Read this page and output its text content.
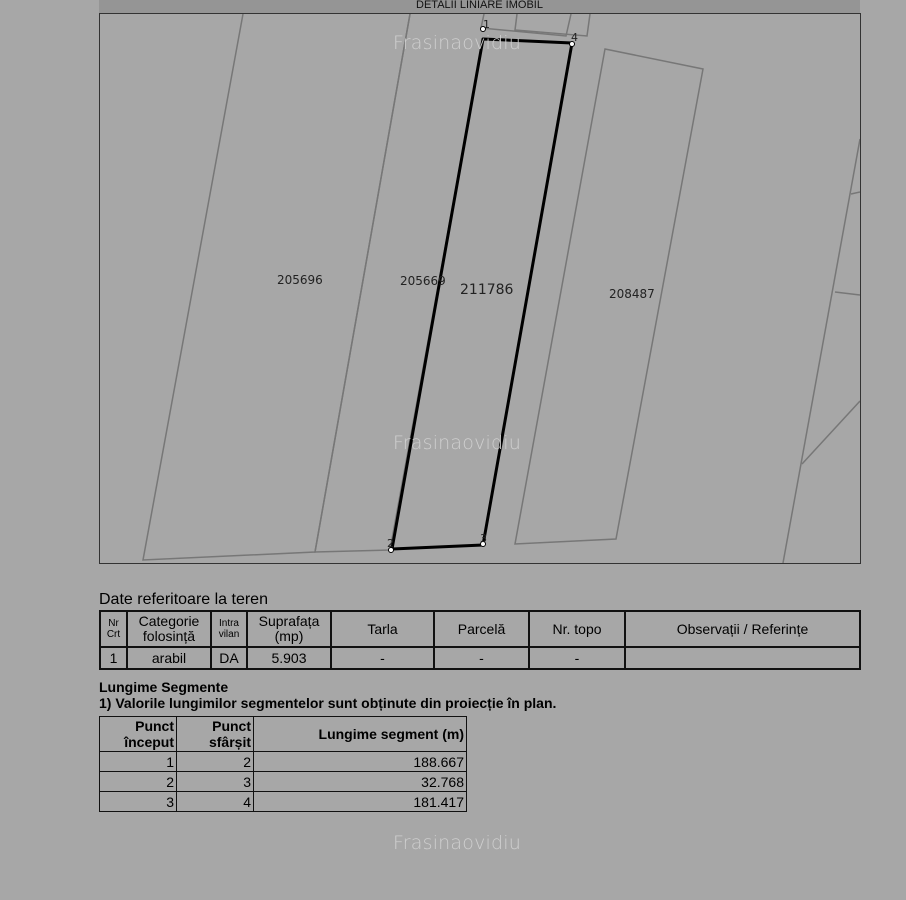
DETALII LINIARE IMOBIL
1
2	3
4
205696	205669
211786	208487
Frasinaovidiu
Frasinaovidiu
Frasinaovidiu
Date referitoare la teren
Nr Crt	Categorie folosință	Intra vilan	Suprafața (mp)	Tarla	Parcelă	Nr. topo	Observații / Referințe
1	arabil	DA	5.903	-	-	-	
Lungime Segmente
1) Valorile lungimilor segmentelor sunt obținute din proiecție în plan.
Punct început	Punct sfârșit	Lungime segment (m)
1	2	188.667
2	3	32.768
3	4	181.417
